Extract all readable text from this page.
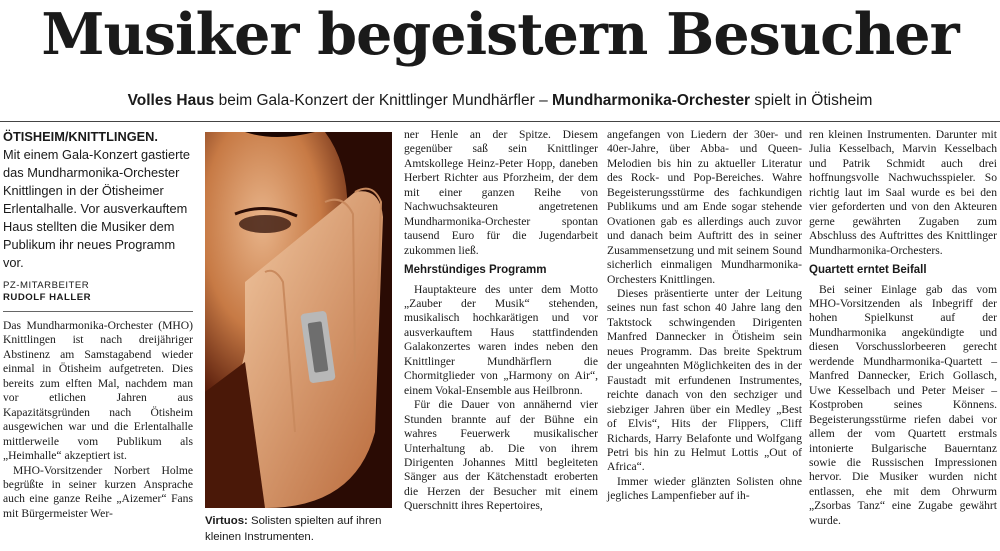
Musiker begeistern Besucher
Volles Haus beim Gala-Konzert der Knittlinger Mundhärfler – Mundharmonika-Orchester spielt in Ötisheim
ÖTISHEIM/KNITTLINGEN.
Mit einem Gala-Konzert gastierte das Mundharmonika-Orchester Knittlingen in der Ötisheimer Erlentalhalle. Vor ausverkauftem Haus stellten die Musiker dem Publikum ihr neues Programm vor.
PZ-MITARBEITER
RUDOLF HALLER

Das Mundharmonika-Orchester (MHO) Knittlingen ist nach dreijähriger Abstinenz am Samstagabend wieder einmal in Ötisheim aufgetreten. Dies bereits zum elften Mal, nachdem man vor etlichen Jahren aus Kapazitätsgründen nach Ötisheim ausgewichen war und die Erlentalhalle mittlerweile vom Publikum als „Heimhalle“ akzeptiert ist.

MHO-Vorsitzender Norbert Holme begrüßte in seiner kurzen Ansprache auch eine ganze Reihe „Aizemer“ Fans mit Bürgermeister Wer-

Virtuos: Solisten spielten auf ihren kleinen Instrumenten.

ner Henle an der Spitze. Diesem gegenüber saß sein Knittlinger Amtskollege Heinz-Peter Hopp, daneben Herbert Richter aus Pforzheim, der dem mit einer ganzen Reihe von Nachwuchsakteuren angetretenen Mundharmonika-Orchester spontan tausend Euro für die Jugendarbeit zukommen ließ.

Mehrstündiges Programm

Hauptakteure des unter dem Motto „Zauber der Musik“ stehenden, musikalisch hochkarätigen und vor ausverkauftem Haus stattfindenden Galakonzertes waren indes neben den Knittlinger Mundhärflern die Chormitglieder von „Harmony on Air“, einem Vokal-Ensemble aus Heilbronn.

Für die Dauer von annähernd vier Stunden brannte auf der Bühne ein wahres Feuerwerk musikalischer Unterhaltung ab. Die von ihrem Dirigenten Johannes Mittl begleiteten Sänger aus der Kätchenstadt eroberten die Herzen der Besucher mit einem Querschnitt ihres Repertoires,

angefangen von Liedern der 30er- und 40er-Jahre, über Abba- und Queen-Melodien bis hin zu aktueller Literatur des Rock- und Pop-Bereiches. Wahre Begeisterungsstürme des fachkundigen Publikums und am Ende sogar stehende Ovationen gab es allerdings auch zuvor und danach beim Auftritt des in seiner Zusammensetzung und mit seinem Sound sicherlich einmaligen Mundharmonika-Orchesters Knittlingen.

Dieses präsentierte unter der Leitung seines nun fast schon 40 Jahre lang den Taktstock schwingenden Dirigenten Manfred Dannecker in Ötisheim sein neues Programm. Das breite Spektrum der ungeahnten Möglichkeiten des in der Faustadt mit erfundenen Instrumentes, reichte danach von den sechziger und siebziger Jahren über ein Medley „Best of Elvis“, Hits der Flippers, Cliff Richards, Harry Belafonte und Wolfgang Petri bis hin zu Helmut Lottis „Out of Africa“.

Immer wieder glänzten Solisten ohne jegliches Lampenfieber auf ih-

ren kleinen Instrumenten. Darunter mit Julia Kesselbach, Marvin Kesselbach und Patrik Schmidt auch drei hoffnungsvolle Nachwuchsspieler. So richtig laut im Saal wurde es bei den vier geforderten und von den Akteuren gerne gewährten Zugaben zum Abschluss des Auftrittes des Knittlinger Mundharmonika-Orchesters.

Quartett erntet Beifall

Bei seiner Einlage gab das vom MHO-Vorsitzenden als Inbegriff der hohen Spielkunst auf der Mundharmonika angekündigte und diesen Vorschusslorbeeren gerecht werdende Mundharmonika-Quartett – Manfred Dannecker, Erich Gollasch, Uwe Kesselbach und Peter Meiser – Kostproben seines Könnens. Begeisterungsstürme riefen dabei vor allem der vom Quartett erstmals intonierte Bulgarische Bauerntanz sowie die Russischen Impressionen hervor. Die Musiker wurden nicht entlassen, ehe mit dem Ohrwurm „Zsorbas Tanz“ eine Zugabe gewährt wurde.
